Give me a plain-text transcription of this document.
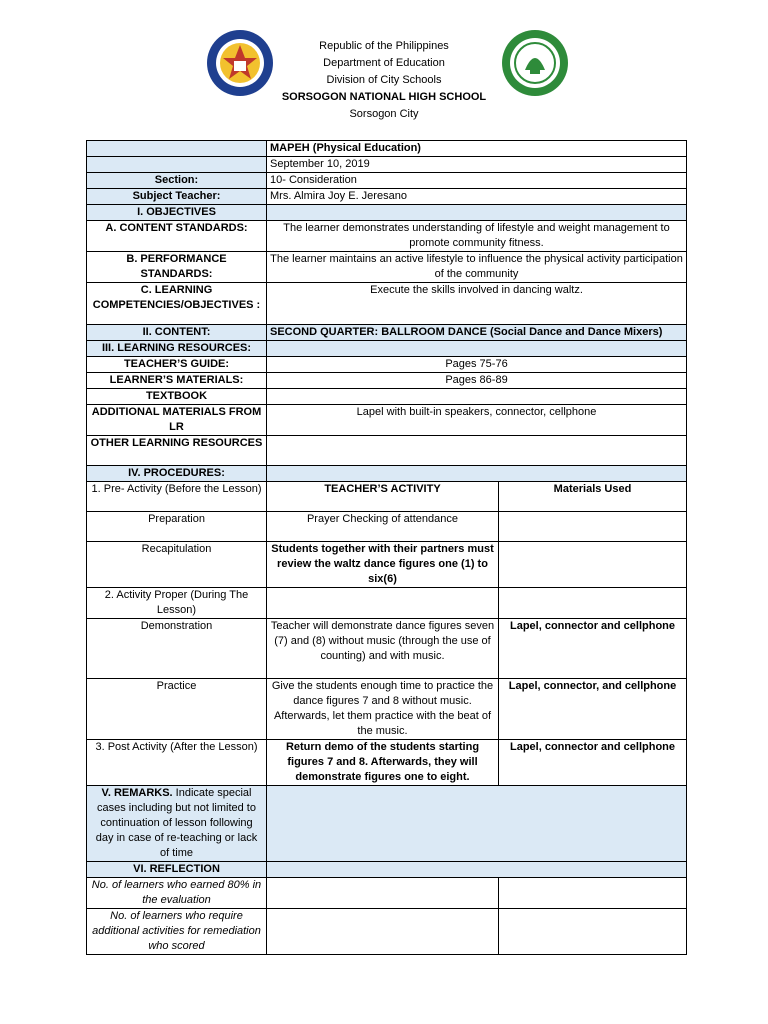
Republic of the Philippines
Department of Education
Division of City Schools
SORSOGON NATIONAL HIGH SCHOOL
Sorsogon City
	MAPEH (Physical Education)	
	September 10, 2019	
Section:	10- Consideration	
Subject Teacher:	Mrs. Almira Joy E. Jeresano	
I. OBJECTIVES		
A. CONTENT STANDARDS:	The learner demonstrates understanding of lifestyle and weight management to promote community fitness.	
B. PERFORMANCE STANDARDS:	The learner maintains an active lifestyle to influence the physical activity participation of the community	
C. LEARNING COMPETENCIES/OBJECTIVES :	Execute the skills involved in dancing waltz.	
II. CONTENT:	SECOND QUARTER: BALLROOM DANCE (Social Dance and Dance Mixers)	
III. LEARNING RESOURCES:		
TEACHER’S GUIDE:	Pages 75-76	
LEARNER’S MATERIALS:	Pages 86-89	
TEXTBOOK		
ADDITIONAL MATERIALS FROM LR	Lapel with built-in speakers, connector, cellphone	
OTHER LEARNING RESOURCES		
IV. PROCEDURES:		
1. Pre- Activity (Before the Lesson)	TEACHER’S ACTIVITY	Materials Used
Preparation	Prayer Checking of attendance	
Recapitulation	Students together with their partners must review the waltz dance figures one (1) to six(6)	
2. Activity Proper (During The Lesson)		
Demonstration	Teacher will demonstrate dance figures seven (7) and (8) without music (through the use of counting) and with music.	Lapel, connector and cellphone
Practice	Give the students enough time to practice the dance figures 7 and 8 without music. Afterwards, let them practice with the beat of the music.	Lapel, connector, and cellphone
3. Post Activity (After the Lesson)	Return demo of the students starting figures 7 and 8. Afterwards, they will demonstrate figures one to eight.	Lapel, connector and cellphone
V. REMARKS. Indicate special cases including but not limited to continuation of lesson following day in case of re-teaching or lack of time		
VI. REFLECTION		
No. of learners who earned 80% in the evaluation		
No. of learners who require additional activities for remediation who scored		
